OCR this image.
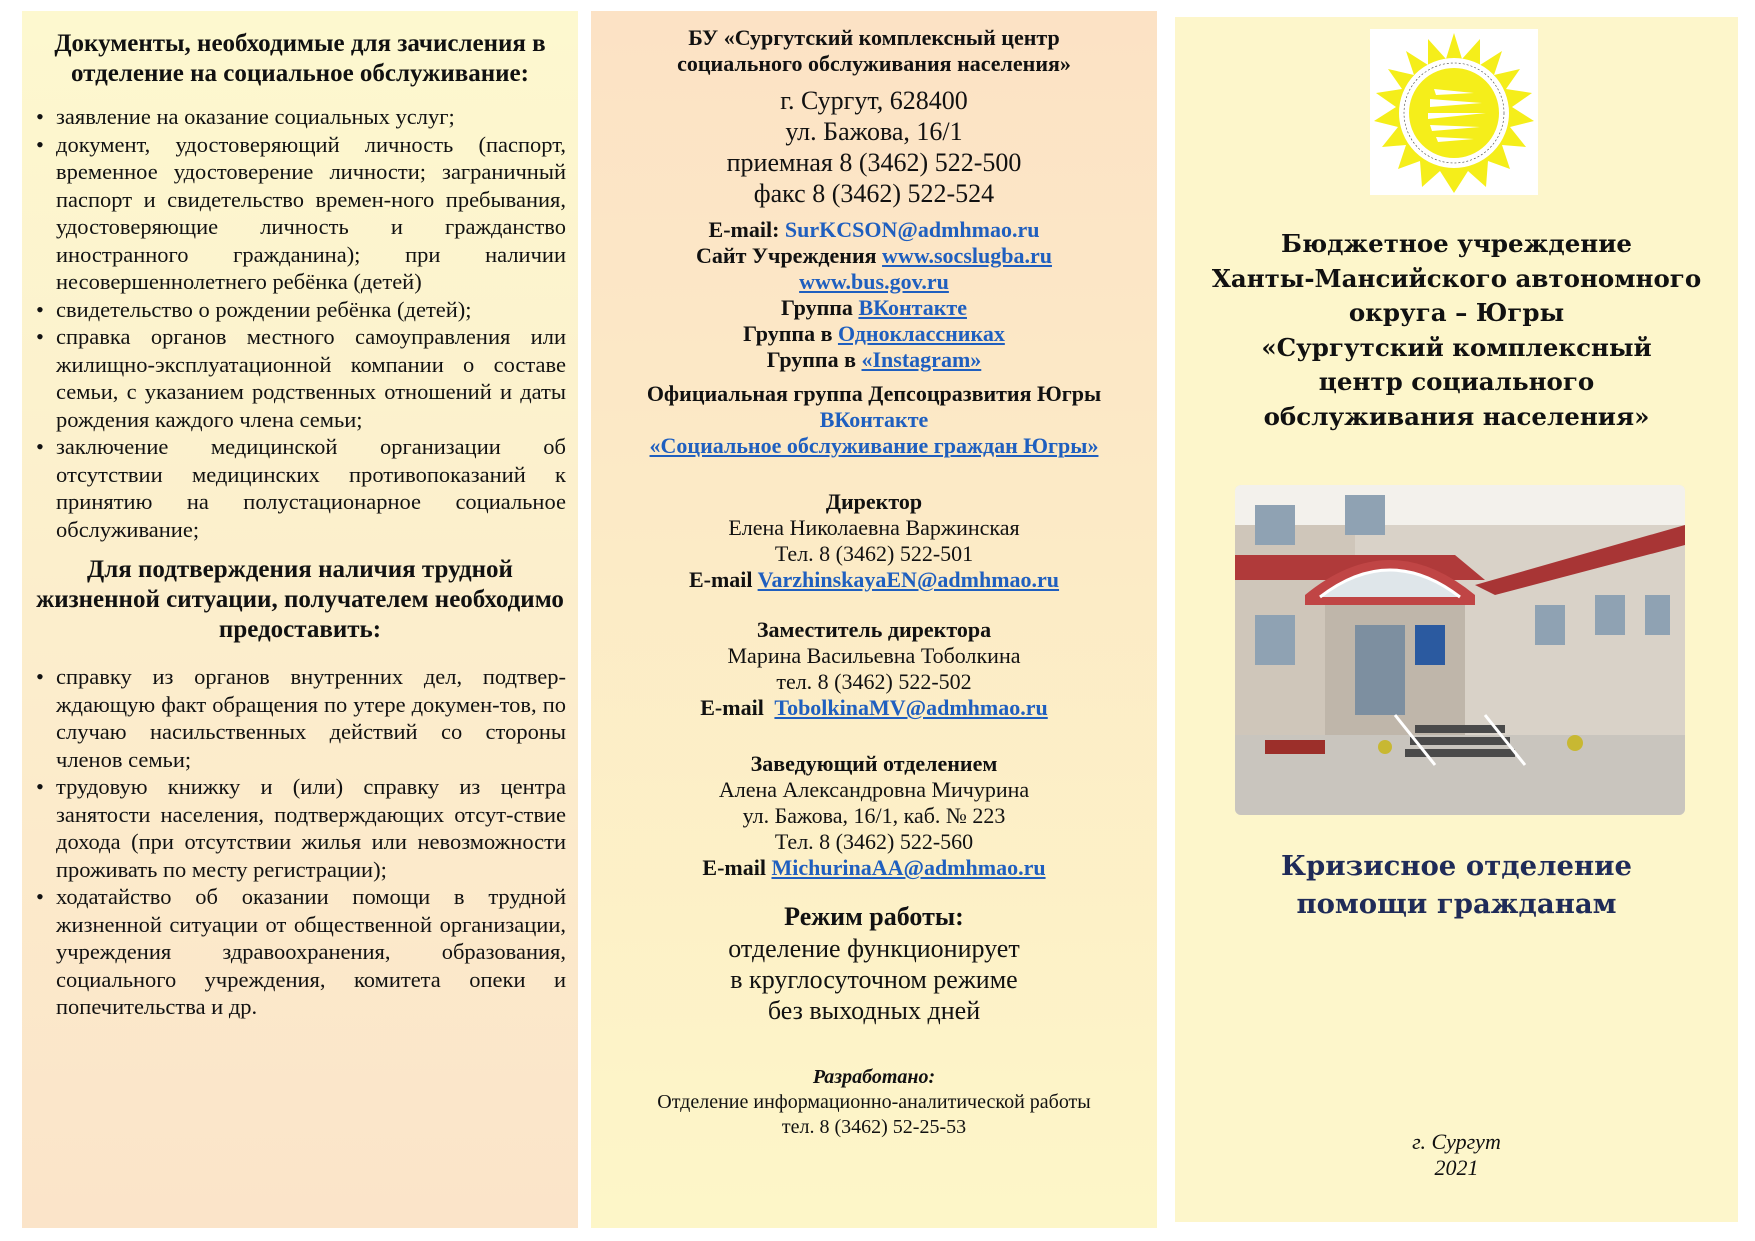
Документы, необходимые для зачисления в отделение на социальное обслуживание:
• заявление на оказание социальных услуг;
• документ, удостоверяющий личность (паспорт, временное удостоверение личности; заграничный паспорт и свидетельство времен-ного пребывания, удостоверяющие личность и гражданство иностранного гражданина); при наличии несовершеннолетнего ребёнка (детей)
• свидетельство о рождении ребёнка (детей);
• справка органов местного самоуправления или жилищно-эксплуатационной компании о составе семьи, с указанием родственных отношений и даты рождения каждого члена семьи;
• заключение медицинской организации об отсутствии медицинских противопоказаний к принятию на полустационарное социальное обслуживание;
Для подтверждения наличия трудной жизненной ситуации, получателем необходимо предоставить:
• справку из органов внутренних дел, подтвер-ждающую факт обращения по утере докумен-тов, по случаю насильственных действий со стороны членов семьи;
• трудовую книжку и (или) справку из центра занятости населения, подтверждающих отсут-ствие дохода (при отсутствии жилья или невозможности проживать по месту регистрации);
• ходатайство об оказании помощи в трудной жизненной ситуации от общественной организации, учреждения здравоохранения, образования, социального учреждения, комитета опеки и попечительства и др.
БУ «Сургутский комплексный центр
социального обслуживания населения»
г. Сургут, 628400
ул. Бажова, 16/1
приемная 8 (3462) 522-500
факс 8 (3462) 522-524
E-mail: SurKCSON@admhmao.ru
Сайт Учреждения www.socslugba.ru
www.bus.gov.ru
Группа ВКонтакте
Группа в Одноклассниках
Группа в «Instagram»
Официальная группа Депсоцразвития Югры
ВКонтакте
«Социальное обслуживание граждан Югры»
Директор
Елена Николаевна Варжинская
Тел. 8 (3462) 522-501
E-mail VarzhinskayaEN@admhmao.ru
Заместитель директора
Марина Васильевна Тоболкина
тел. 8 (3462) 522-502
E-mail TobolkinaMV@admhmao.ru
Заведующий отделением
Алена Александровна Мичурина
ул. Бажова, 16/1, каб. № 223
Тел. 8 (3462) 522-560
E-mail MichurinaAA@admhmao.ru
Режим работы:
отделение функционирует
в круглосуточном режиме
без выходных дней
Разработано:
Отделение информационно-аналитической работы
тел. 8 (3462) 52-25-53
Бюджетное учреждение
Ханты-Мансийского автономного
округа – Югры
«Сургутский комплексный
центр социального
обслуживания населения»
Кризисное отделение
помощи гражданам
г. Сургут
2021
